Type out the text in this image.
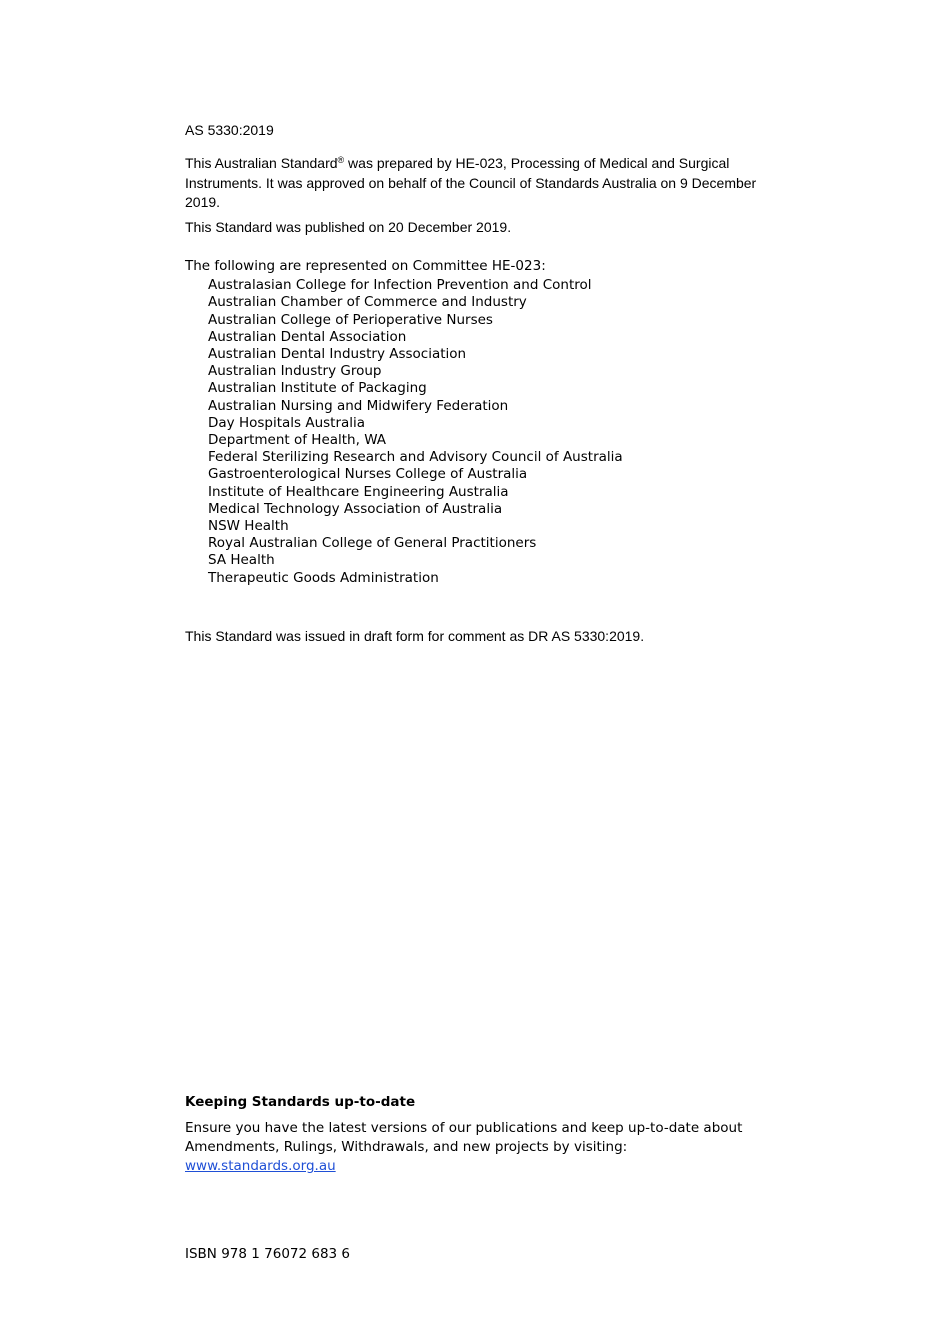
AS 5330:2019
This Australian Standard® was prepared by HE-023, Processing of Medical and Surgical Instruments. It was approved on behalf of the Council of Standards Australia on 9 December 2019.
This Standard was published on 20 December 2019.
The following are represented on Committee HE-023:
Australasian College for Infection Prevention and Control
Australian Chamber of Commerce and Industry
Australian College of Perioperative Nurses
Australian Dental Association
Australian Dental Industry Association
Australian Industry Group
Australian Institute of Packaging
Australian Nursing and Midwifery Federation
Day Hospitals Australia
Department of Health, WA
Federal Sterilizing Research and Advisory Council of Australia
Gastroenterological Nurses College of Australia
Institute of Healthcare Engineering Australia
Medical Technology Association of Australia
NSW Health
Royal Australian College of General Practitioners
SA Health
Therapeutic Goods Administration
This Standard was issued in draft form for comment as DR AS 5330:2019.
Keeping Standards up-to-date
Ensure you have the latest versions of our publications and keep up-to-date about Amendments, Rulings, Withdrawals, and new projects by visiting:
www.standards.org.au
ISBN 978 1 76072 683 6
